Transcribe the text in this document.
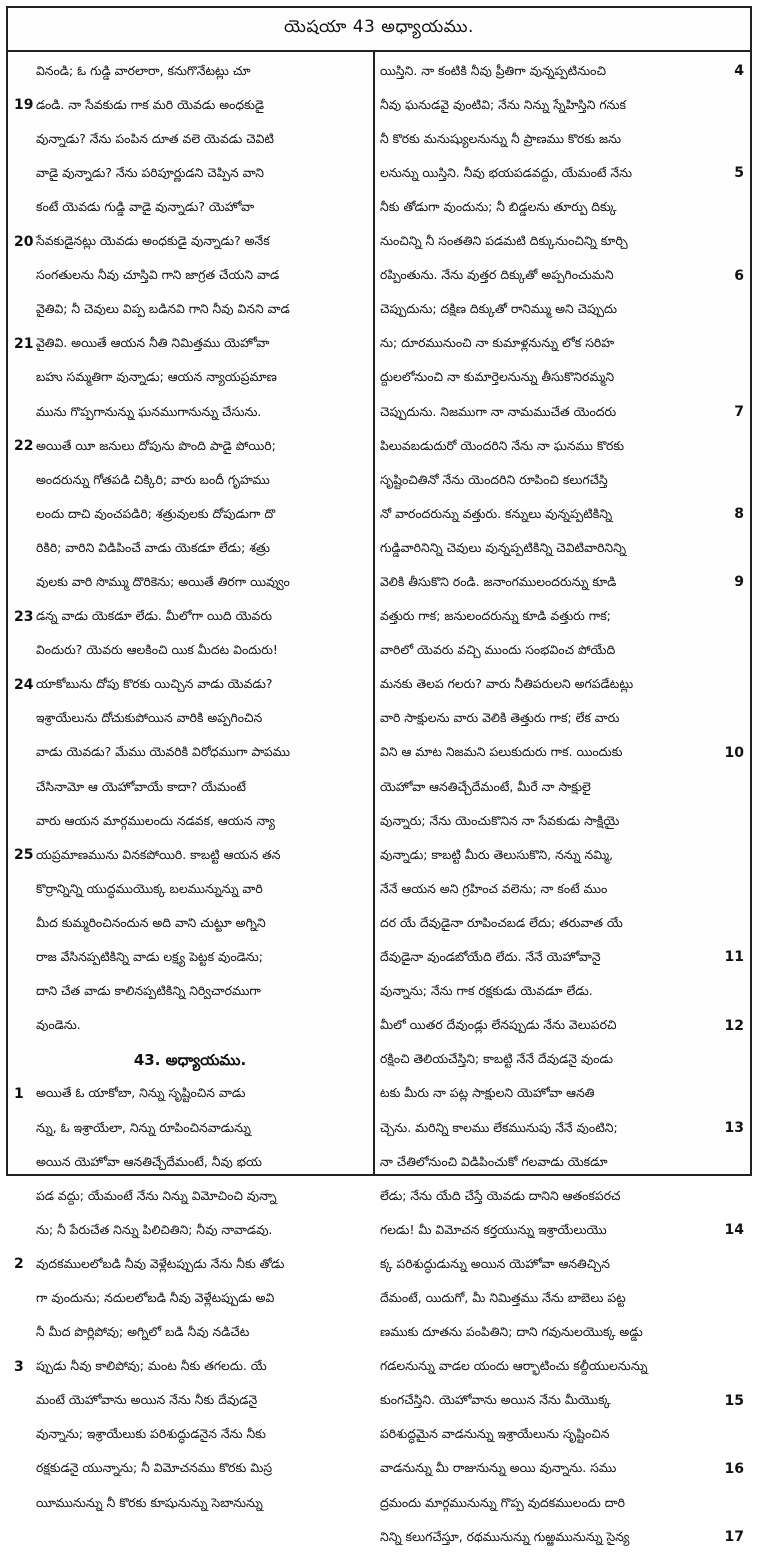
యెషయా 43 అధ్యాయము.
వినండి; ఓ గుడ్డి వారలారా, కనుగొనేటట్లు చూ
19 డండి. నా సేవకుడు గాక మరి యెవడు అంధకుడై
వున్నాడు? నేను పంపిన దూత వలె యెవడు చెవిటి
వాడై వున్నాడు? నేను పరిపూర్ణుడని చెప్పిన వాని
కంటే యెవడు గుడ్డి వాడై వున్నాడు? యెహోవా
20 సేవకుడైనట్లు యెవడు అంధకుడై వున్నాడు? అనేక
సంగతులను నీవు చూస్తివి గాని జాగ్రత చేయని వాడ
వైతివి; నీ చెవులు విప్ప బడినవి గాని నీవు వినని వాడ
21 వైతివి. అయితే ఆయన నీతి నిమిత్తము యెహోవా
బహు సమ్మతిగా వున్నాడు; ఆయన న్యాయప్రమాణ
మును గొప్పగానున్ను ఘనముగానున్ను చేసును.
22 అయితే యీ జనులు దోపును పొంది పాడై పోయిరి;
అందరున్ను గోతపడి చిక్కిరి; వారు బందీ గృహము
లందు దాచి వుంచపడిరి; శత్రువులకు దోపుడుగా దొ
రికిరి; వారిని విడిపించే వాడు యెకడూ లేడు; శత్రు
వులకు వారి సొమ్ము దొరికెను; అయితే తిరగా యివ్వుం
23 డన్న వాడు యెకడూ లేడు. మీలోగా యిది యెవరు
విందురు? యెవరు ఆలకించి యిక మీదట విందురు!
24 యాకోబును దోపు కొరకు యిచ్చిన వాడు యెవడు?
ఇశ్రాయేలును దోచుకుపోయిన వారికి అప్పగించిన
వాడు యెవడు? మేము యెవరికి విరోధముగా పాపము
చేసినామో ఆ యెహోవాయే కాదా? యేమంటే
వారు ఆయన మార్గములందు నడవక, ఆయన న్యా
25 యప్రమాణమును వినకపోయిరి. కాబట్టి ఆయన తన
కొర్రాన్నిన్ని యుద్ధముయొక్క బలమున్నున్ను వారి
మీద కుమ్మరించినందున అది వాని చుట్టూ అగ్నిని
రాజ వేసినప్పటికిన్ని వాడు లక్ష్య పెట్టక వుండెను;
దాని చేత వాడు కాలినప్పటికిన్ని నిర్విచారముగా
వుండెను.
43. అధ్యాయము.
1 అయితే ఓ యాకోబా, నిన్ను సృష్టించిన వాడు
న్ను, ఓ ఇశ్రాయేలా, నిన్ను రూపించినవాడున్ను
అయిన యెహోవా ఆనతిచ్చేదేమంటే, నీవు భయ
పడ వద్దు; యేమంటే నేను నిన్ను విమోచించి వున్నా
ను; నీ పేరుచేత నిన్ను పిలిచితిని; నీవు నావాడవు.
2 వుదకములలోబడి నీవు వెళ్లేటప్పుడు నేను నీకు తోడు
గా వుందును; నదులలోబడి నీవు వెళ్లేటప్పుడు అవి
నీ మీద పొర్లిపోవు; అగ్నిలో బడి నీవు నడిచేట
3 ప్పుడు నీవు కాలిపోవు; మంట నీకు తగలదు. యే
మంటే యెహోవాను అయిన నేను నీకు దేవుడనై
వున్నాను; ఇశ్రాయేలుకు పరిశుద్ధుడనైన నేను నీకు
రక్షకుడనై యున్నాను; నీ విమోచనము కొరకు మిస్ర
యీమునున్ను నీ కొరకు కూషునున్ను సెబానున్ను
4
యిస్తిని. నా కంటికి నీవు ప్రీతిగా వున్నప్పటినుంచి
నీవు ఘనుడవై వుంటివి; నేను నిన్ను స్నేహిస్తిని గనుక
నీ కొరకు మనుష్యులనున్ను నీ ప్రాణము కొరకు జను
5
లనున్ను యిస్తిని. నీవు భయపడవద్దు, యేమంటే నేను
నీకు తోడుగా వుందును; నీ బిడ్డలను తూర్పు దిక్కు
నుంచిన్ని నీ సంతతిని పడమటి దిక్కునుంచిన్ని కూర్చి
6
రప్పింతును. నేను వుత్తర దిక్కుతో అప్పగించుమని
చెప్పుదును; దక్షిణ దిక్కుతో రానిమ్ము అని చెప్పుదు
ను; దూరమునుంచి నా కుమాళ్లనున్ను లోక సరిహ
ద్దులలోనుంచి నా కుమార్తెలనున్ను తీసుకొనిరమ్మని
7
చెప్పుదును. నిజముగా నా నామముచేత యెందరు
పిలువబడుదురో యెందరిని నేను నా ఘనము కొరకు
సృష్టించితినో నేను యెందరిని రూపించి కలుగచేస్తి
8
నో వారందరున్ను వత్తురు. కన్నులు వున్నప్పటికిన్ని
గుడ్డివారినిన్ని చెవులు వున్నప్పటికిన్ని చెవిటివారినిన్ని
9
వెలికి తీసుకొని రండి. జనాంగములందరున్ను కూడి
వత్తురు గాక; జనులందరున్ను కూడి వత్తురు గాక;
వారిలో యెవరు వచ్చి ముందు సంభవించ పోయేది
మనకు తెలప గలరు? వారు నీతిపరులని అగపడేటట్లు
వారి సాక్షులను వారు వెలికి తెత్తురు గాక; లేక వారు
10
విని ఆ మాట నిజమని పలుకుదురు గాక. యిందుకు
యెహోవా ఆనతిచ్చేదేమంటే, మీరే నా సాక్షులై
వున్నారు; నేను యెంచుకొనిన నా సేవకుడు సాక్షియై
వున్నాడు; కాబట్టి మీరు తెలుసుకొని, నన్ను నమ్మి,
నేనే ఆయన అని గ్రహించ వలెను; నా కంటే ముం
దర యే దేవుడైనా రూపించబడ లేదు; తరువాత యే
11
దేవుడైనా వుండబోయేది లేదు. నేనే యెహోవానై
వున్నాను; నేను గాక రక్షకుడు యెవడూ లేడు.
12
మీలో యితర దేవుండ్లు లేనప్పుడు నేను వెలుపరచి
రక్షించి తెలియచేస్తిని; కాబట్టి నేనే దేవుడనై వుండు
టకు మీరు నా పట్ల సాక్షులని యెహోవా ఆనతి
13
చ్చెను. మరిన్ని కాలము లేకమునుపు నేనే వుంటిని;
నా చేతిలోనుంచి విడిపించుకో గలవాడు యెకడూ
లేడు; నేను యేది చేస్తే యెవడు దానిని ఆతంకపరచ
14
గలడు! మీ విమోచన కర్తయున్ను ఇశ్రాయేలుయొ
క్క పరిశుద్ధుడున్ను అయిన యెహోవా ఆనతిచ్చిన
దేమంటే, యిదుగో, మీ నిమిత్తము నేను బాబెలు పట్ట
ణముకు దూతను పంపితిని; దాని గవునులయొక్క అడ్డు
గడలనున్ను వాడల యందు ఆర్భాటించు కల్దీయులనున్ను
15
కుంగచేస్తిని. యెహోవాను అయిన నేను మీయొక్క
పరిశుద్ధమైన వాడనున్ను ఇశ్రాయేలును సృష్టించిన
16
వాడనున్ను మీ రాజునున్ను అయి వున్నాను. సము
ద్రమందు మార్గమునున్ను గొప్ప వుదకములందు దారి
17
నిన్ని కలుగచేస్తూ, రథమునున్ను గుఱ్ఱమునున్ను సైన్య
